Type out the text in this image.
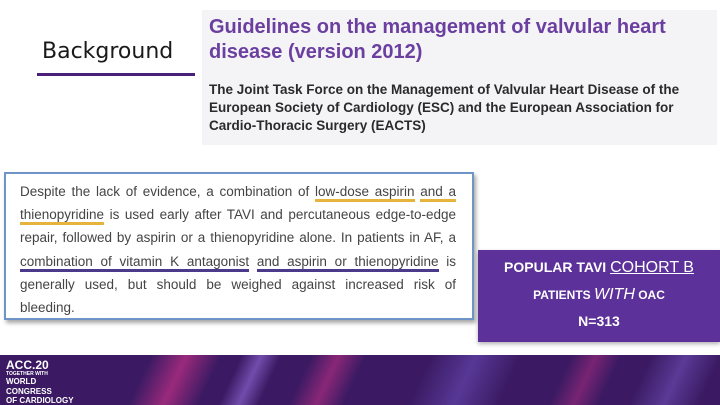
Background
Guidelines on the management of valvular heart disease (version 2012)
The Joint Task Force on the Management of Valvular Heart Disease of the European Society of Cardiology (ESC) and the European Association for Cardio-Thoracic Surgery (EACTS)
Despite the lack of evidence, a combination of low-dose aspirin and a thienopyridine is used early after TAVI and percutaneous edge-to-edge repair, followed by aspirin or a thienopyridine alone. In patients in AF, a combination of vitamin K antagonist and aspirin or thienopyridine is generally used, but should be weighed against increased risk of bleeding.
POPULAR TAVI COHORT B
PATIENTS WITH OAC
N=313
ACC.20
TOGETHER WITH
WORLD CONGRESS
OF CARDIOLOGY
